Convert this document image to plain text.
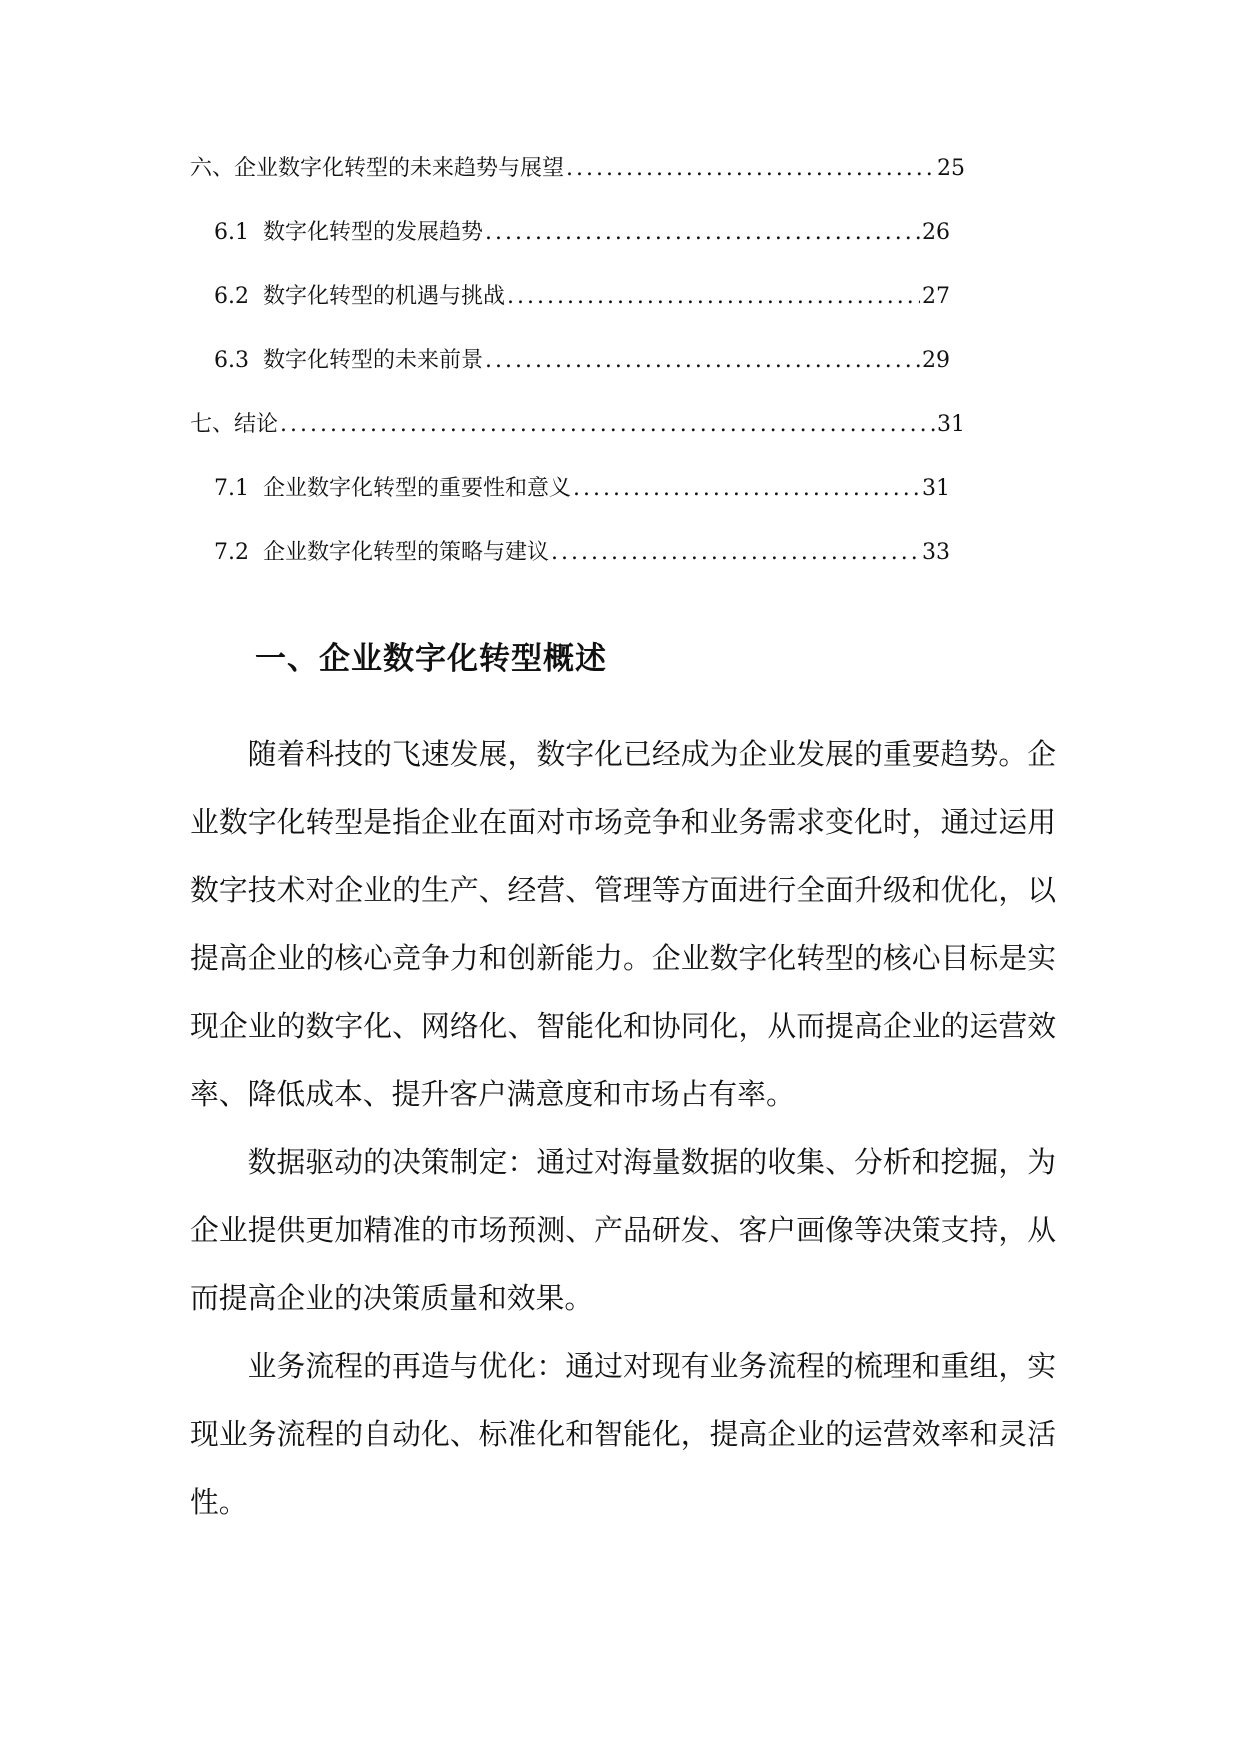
六、企业数字化转型的未来趋势与展望 .....	25
6.1 数字化转型的发展趋势 .....	26
6.2 数字化转型的机遇与挑战 .....	27
6.3 数字化转型的未来前景 .....	29
七、结论 .....	31
7.1 企业数字化转型的重要性和意义 .....	31
7.2 企业数字化转型的策略与建议 .....	33
一、企业数字化转型概述

随着科技的飞速发展，数字化已经成为企业发展的重要趋势。企业数字化转型是指企业在面对市场竞争和业务需求变化时，通过运用数字技术对企业的生产、经营、管理等方面进行全面升级和优化，以提高企业的核心竞争力和创新能力。企业数字化转型的核心目标是实现企业的数字化、网络化、智能化和协同化，从而提高企业的运营效率、降低成本、提升客户满意度和市场占有率。

数据驱动的决策制定：通过对海量数据的收集、分析和挖掘，为企业提供更加精准的市场预测、产品研发、客户画像等决策支持，从而提高企业的决策质量和效果。

业务流程的再造与优化：通过对现有业务流程的梳理和重组，实现业务流程的自动化、标准化和智能化，提高企业的运营效率和灵活性。
